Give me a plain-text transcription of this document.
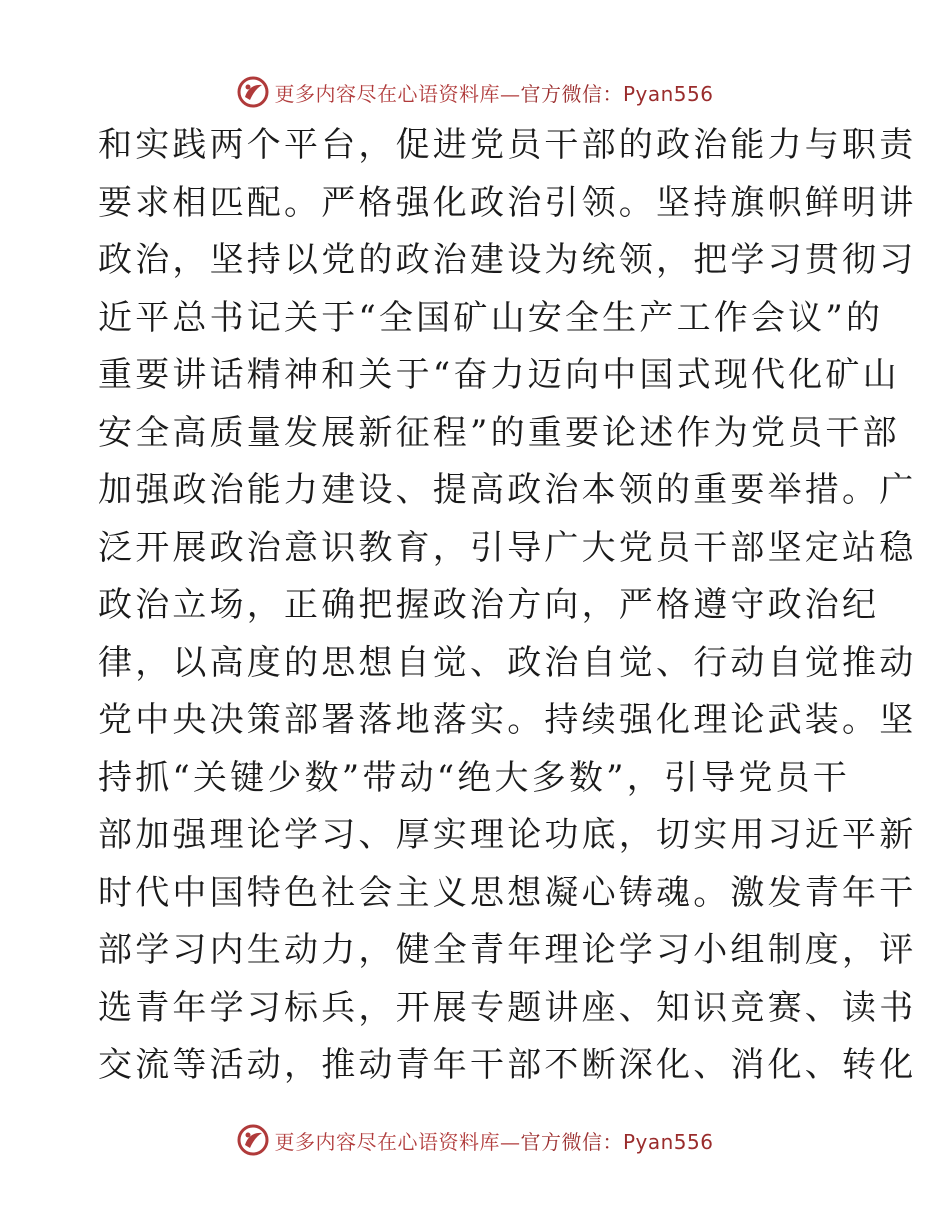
更多内容尽在心语资料库—官方微信：Pyan556
和实践两个平台，促进党员干部的政治能力与职责
要求相匹配。严格强化政治引领。坚持旗帜鲜明讲
政治，坚持以党的政治建设为统领，把学习贯彻习
近平总书记关于“全国矿山安全生产工作会议”的
重要讲话精神和关于“奋力迈向中国式现代化矿山
安全高质量发展新征程”的重要论述作为党员干部
加强政治能力建设、提高政治本领的重要举措。广
泛开展政治意识教育，引导广大党员干部坚定站稳
政治立场，正确把握政治方向，严格遵守政治纪
律，以高度的思想自觉、政治自觉、行动自觉推动
党中央决策部署落地落实。持续强化理论武装。坚
持抓“关键少数”带动“绝大多数”，引导党员干
部加强理论学习、厚实理论功底，切实用习近平新
时代中国特色社会主义思想凝心铸魂。激发青年干
部学习内生动力，健全青年理论学习小组制度，评
选青年学习标兵，开展专题讲座、知识竞赛、读书
交流等活动，推动青年干部不断深化、消化、转化
更多内容尽在心语资料库—官方微信：Pyan556
